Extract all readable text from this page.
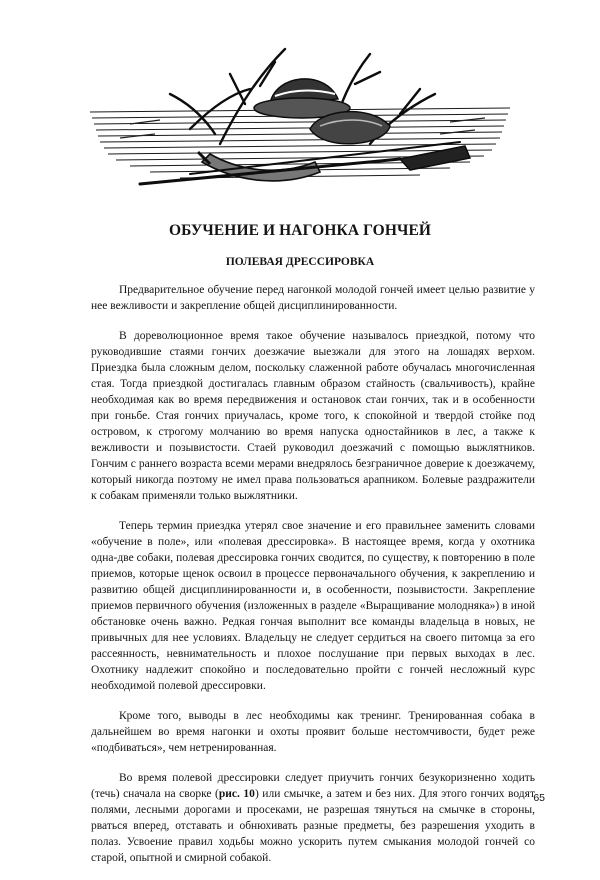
ОБУЧЕНИЕ И НАГОНКА ГОНЧЕЙ
ПОЛЕВАЯ ДРЕССИРОВКА

Предварительное обучение перед нагонкой молодой гончей имеет целью развитие у нее вежливости и закрепление общей дисциплинированности.

В дореволюционное время такое обучение называлось приездкой, потому что руководившие стаями гончих доезжачие выезжали для этого на лошадях верхом. Приездка была сложным делом, поскольку слаженной работе обучалась многочисленная стая. Тогда приездкой достигалась главным образом стайность (свальчивость), крайне необходимая как во время передвижения и остановок стаи гончих, так и в особенности при гоньбе. Стая гончих приучалась, кроме того, к спокойной и твердой стойке под островом, к строгому молчанию во время напуска одностайников в лес, а также к вежливости и позывистости. Стаей руководил доезжачий с помощью выжлятников. Гончим с раннего возраста всеми мерами внедрялось безграничное доверие к доезжачему, который никогда поэтому не имел права пользоваться арапником. Болевые раздражители к собакам применяли только выжлятники.

Теперь термин приездка утерял свое значение и его правильнее заменить словами «обучение в поле», или «полевая дрессировка». В настоящее время, когда у охотника одна-две собаки, полевая дрессировка гончих сводится, по существу, к повторению в поле приемов, которые щенок освоил в процессе первоначального обучения, к закреплению и развитию общей дисциплинированности и, в особенности, позывистости. Закрепление приемов первичного обучения (изложенных в разделе «Выращивание молодняка») в иной обстановке очень важно. Редкая гончая выполнит все команды владельца в новых, не привычных для нее условиях. Владельцу не следует сердиться на своего питомца за его рассеянность, невнимательность и плохое послушание при первых выходах в лес. Охотнику надлежит спокойно и последовательно пройти с гончей несложный курс необходимой полевой дрессировки.

Кроме того, выводы в лес необходимы как тренинг. Тренированная собака в дальнейшем во время нагонки и охоты проявит больше нестомчивости, будет реже «подбиваться», чем нетренированная.

Во время полевой дрессировки следует приучить гончих безукоризненно ходить (течь) сначала на сворке (рис. 10) или смычке, а затем и без них. Для этого гончих водят полями, лесными дорогами и просеками, не разрешая тянуться на смычке в стороны, рваться вперед, отставать и обнюхивать разные предметы, без разрешения уходить в полаз. Усвоение правил ходьбы можно ускорить путем смыкания молодой гончей со старой, опытной и смирной собакой.

65
